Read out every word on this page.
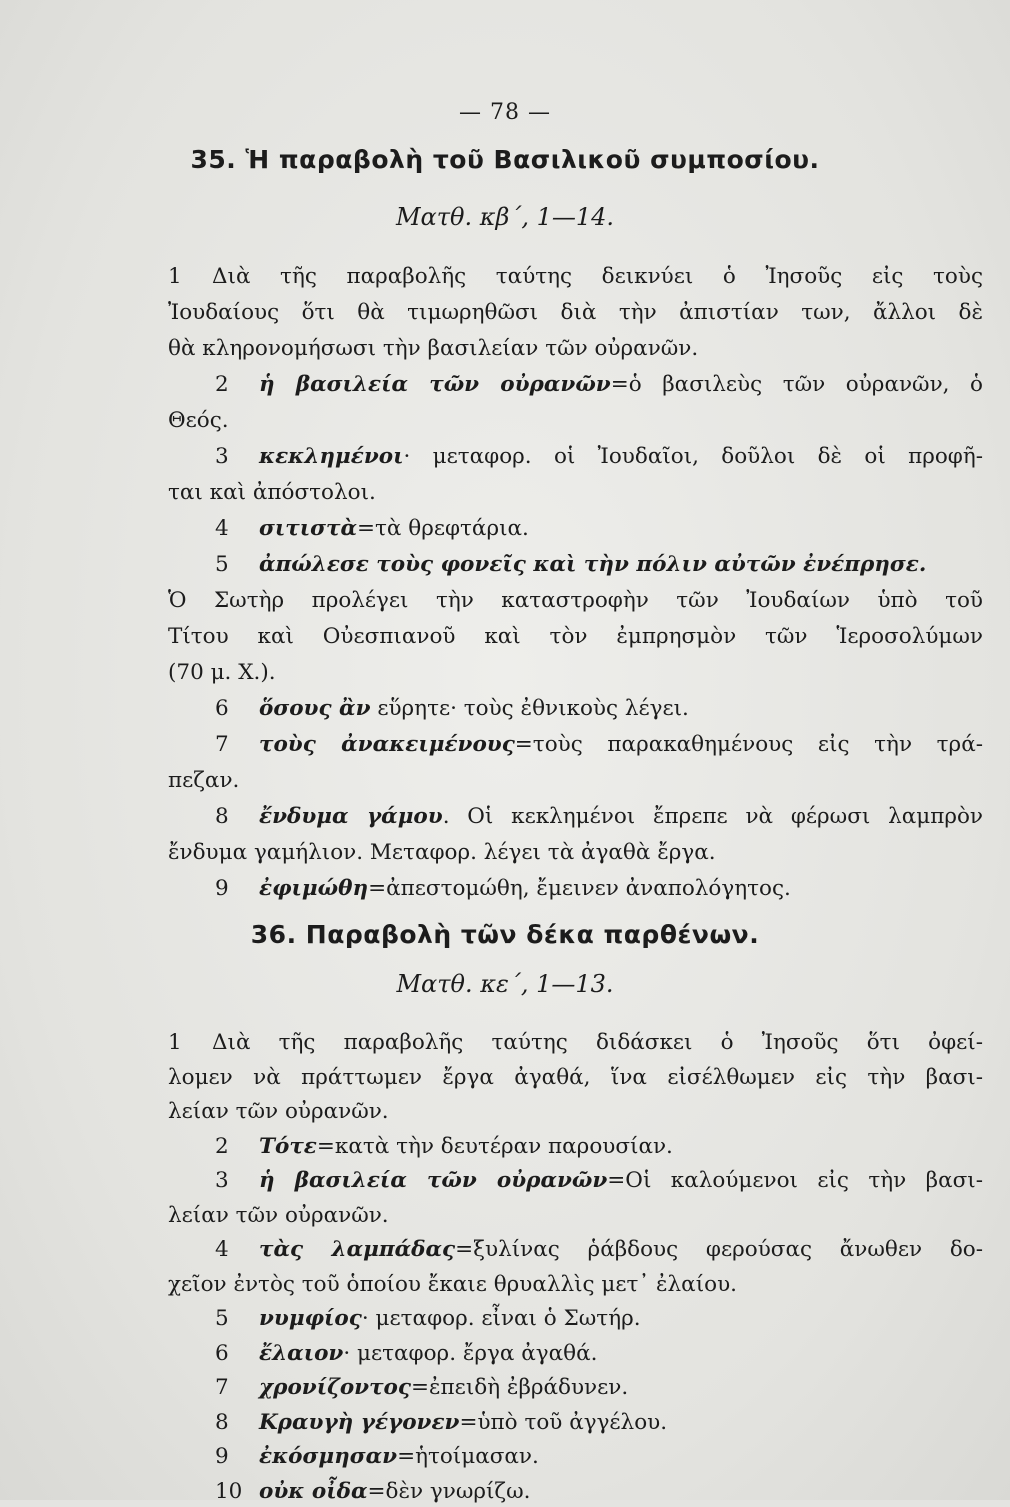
— 78 —
35. Ἡ παραβολὴ τοῦ Βασιλικοῦ συμποσίου.
Ματθ. κβ΄, 1—14.
1 Διὰ τῆς παραβολῆς ταύτης δεικνύει ὁ Ἰησοῦς εἰς τοὺς
Ἰουδαίους ὅτι θὰ τιμωρηθῶσι διὰ τὴν ἀπιστίαν των, ἄλλοι δὲ
θὰ κληρονομήσωσι τὴν βασιλείαν τῶν οὐρανῶν.
2 ἡ βασιλεία τῶν οὐρανῶν=ὁ βασιλεὺς τῶν οὐρανῶν, ὁ
Θεός.
3 κεκλημένοι· μεταφορ. οἱ Ἰουδαῖοι, δοῦλοι δὲ οἱ προφῆ-
ται καὶ ἀπόστολοι.
4 σιτιστὰ=τὰ θρεφτάρια.
5 ἀπώλεσε τοὺς φονεῖς καὶ τὴν πόλιν αὐτῶν ἐνέπρησε.
Ὁ Σωτὴρ προλέγει τὴν καταστροφὴν τῶν Ἰουδαίων ὑπὸ τοῦ
Τίτου καὶ Οὐεσπιανοῦ καὶ τὸν ἐμπρησμὸν τῶν Ἱεροσολύμων
(70 μ. Χ.).
6 ὅσους ἂν εὕρητε· τοὺς ἐθνικοὺς λέγει.
7 τοὺς ἀνακειμένους=τοὺς παρακαθημένους εἰς τὴν τρά-
πεζαν.
8 ἔνδυμα γάμου. Οἱ κεκλημένοι ἔπρεπε νὰ φέρωσι λαμπρὸν
ἔνδυμα γαμήλιον. Μεταφορ. λέγει τὰ ἀγαθὰ ἔργα.
9 ἐφιμώθη=ἀπεστομώθη, ἔμεινεν ἀναπολόγητος.
36. Παραβολὴ τῶν δέκα παρθένων.
Ματθ. κε΄, 1—13.
1 Διὰ τῆς παραβολῆς ταύτης διδάσκει ὁ Ἰησοῦς ὅτι ὀφεί-
λομεν νὰ πράττωμεν ἔργα ἀγαθά, ἵνα εἰσέλθωμεν εἰς τὴν βασι-
λείαν τῶν οὐρανῶν.
2 Τότε=κατὰ τὴν δευτέραν παρουσίαν.
3 ἡ βασιλεία τῶν οὐρανῶν=Οἱ καλούμενοι εἰς τὴν βασι-
λείαν τῶν οὐρανῶν.
4 τὰς λαμπάδας=ξυλίνας ῥάβδους φερούσας ἄνωθεν δο-
χεῖον ἐντὸς τοῦ ὁποίου ἔκαιε θρυαλλὶς μετ᾽ ἐλαίου.
5 νυμφίος· μεταφορ. εἶναι ὁ Σωτήρ.
6 ἔλαιον· μεταφορ. ἔργα ἀγαθά.
7 χρονίζοντος=ἐπειδὴ ἐβράδυνεν.
8 Κραυγὴ γέγονεν=ὑπὸ τοῦ ἀγγέλου.
9 ἐκόσμησαν=ἡτοίμασαν.
10 οὐκ οἶδα=δὲν γνωρίζω.
